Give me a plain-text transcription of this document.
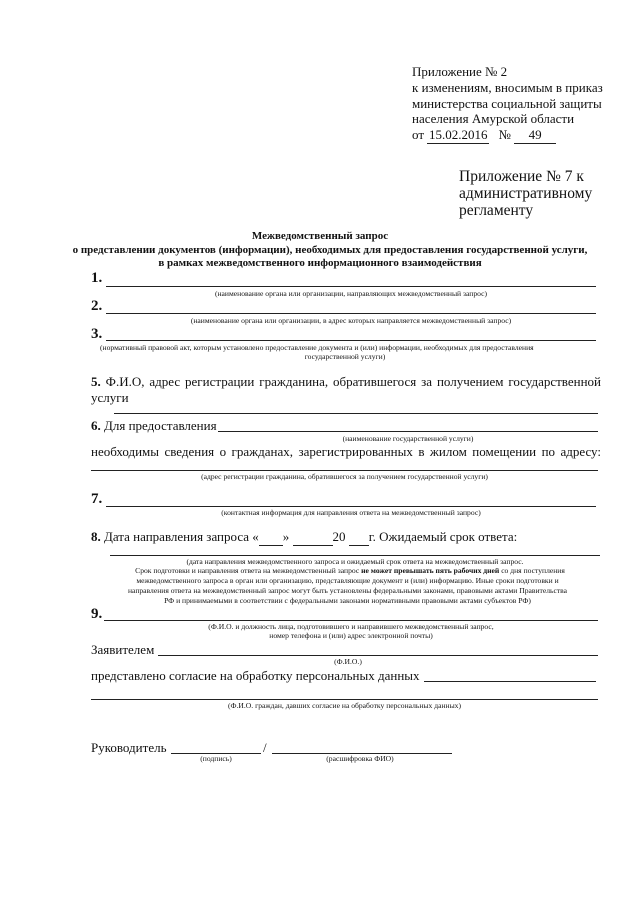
Приложение № 2
к изменениям, вносимым в приказ
министерства социальной защиты
населения Амурской области
от 15.02.2016 № 49
Приложение № 7 к
административному
регламенту
Межведомственный запрос
о представлении документов (информации), необходимых для предоставления государственной услуги,
в рамках межведомственного информационного взаимодействия
1.
(наименование органа или организации, направляющих межведомственный запрос)
2.
(наименование органа или организации, в адрес которых направляется межведомственный запрос)
3.
(нормативный правовой акт, которым установлено предоставление документа и (или) информации, необходимых для предоставления
государственной услуги)
5. Ф.И.О, адрес регистрации гражданина, обратившегося за получением государственной
услуги
6. Для предоставления
(наименование государственной услуги)
необходимы сведения о гражданах, зарегистрированных в жилом помещении по адресу:
(адрес регистрации гражданина, обратившегося за получением государственной услуги)
7.
(контактная информация для направления ответа на межведомственный запрос)
8. Дата направления запроса « »	20 г. Ожидаемый срок ответа:
(дата направления межведомственного запроса и ожидаемый срок ответа на межведомственный запрос.
Срок подготовки и направления ответа на межведомственный запрос не может превышать пять рабочих дней со дня поступления
межведомственного запроса в орган или организацию, представляющие документ и (или) информацию. Иные сроки подготовки и
направления ответа на межведомственный запрос могут быть установлены федеральными законами, правовыми актами Правительства
РФ и принимаемыми в соответствии с федеральными законами нормативными правовыми актами субъектов РФ)
9.
(Ф.И.О. и должность лица, подготовившего и направившего межведомственный запрос,
номер телефона и (или) адрес электронной почты)
Заявителем
(Ф.И.О.)
представлено согласие на обработку персональных данных
(Ф.И.О. граждан, давших согласие на обработку персональных данных)
Руководитель	/
(подпись)	(расшифровка ФИО)
